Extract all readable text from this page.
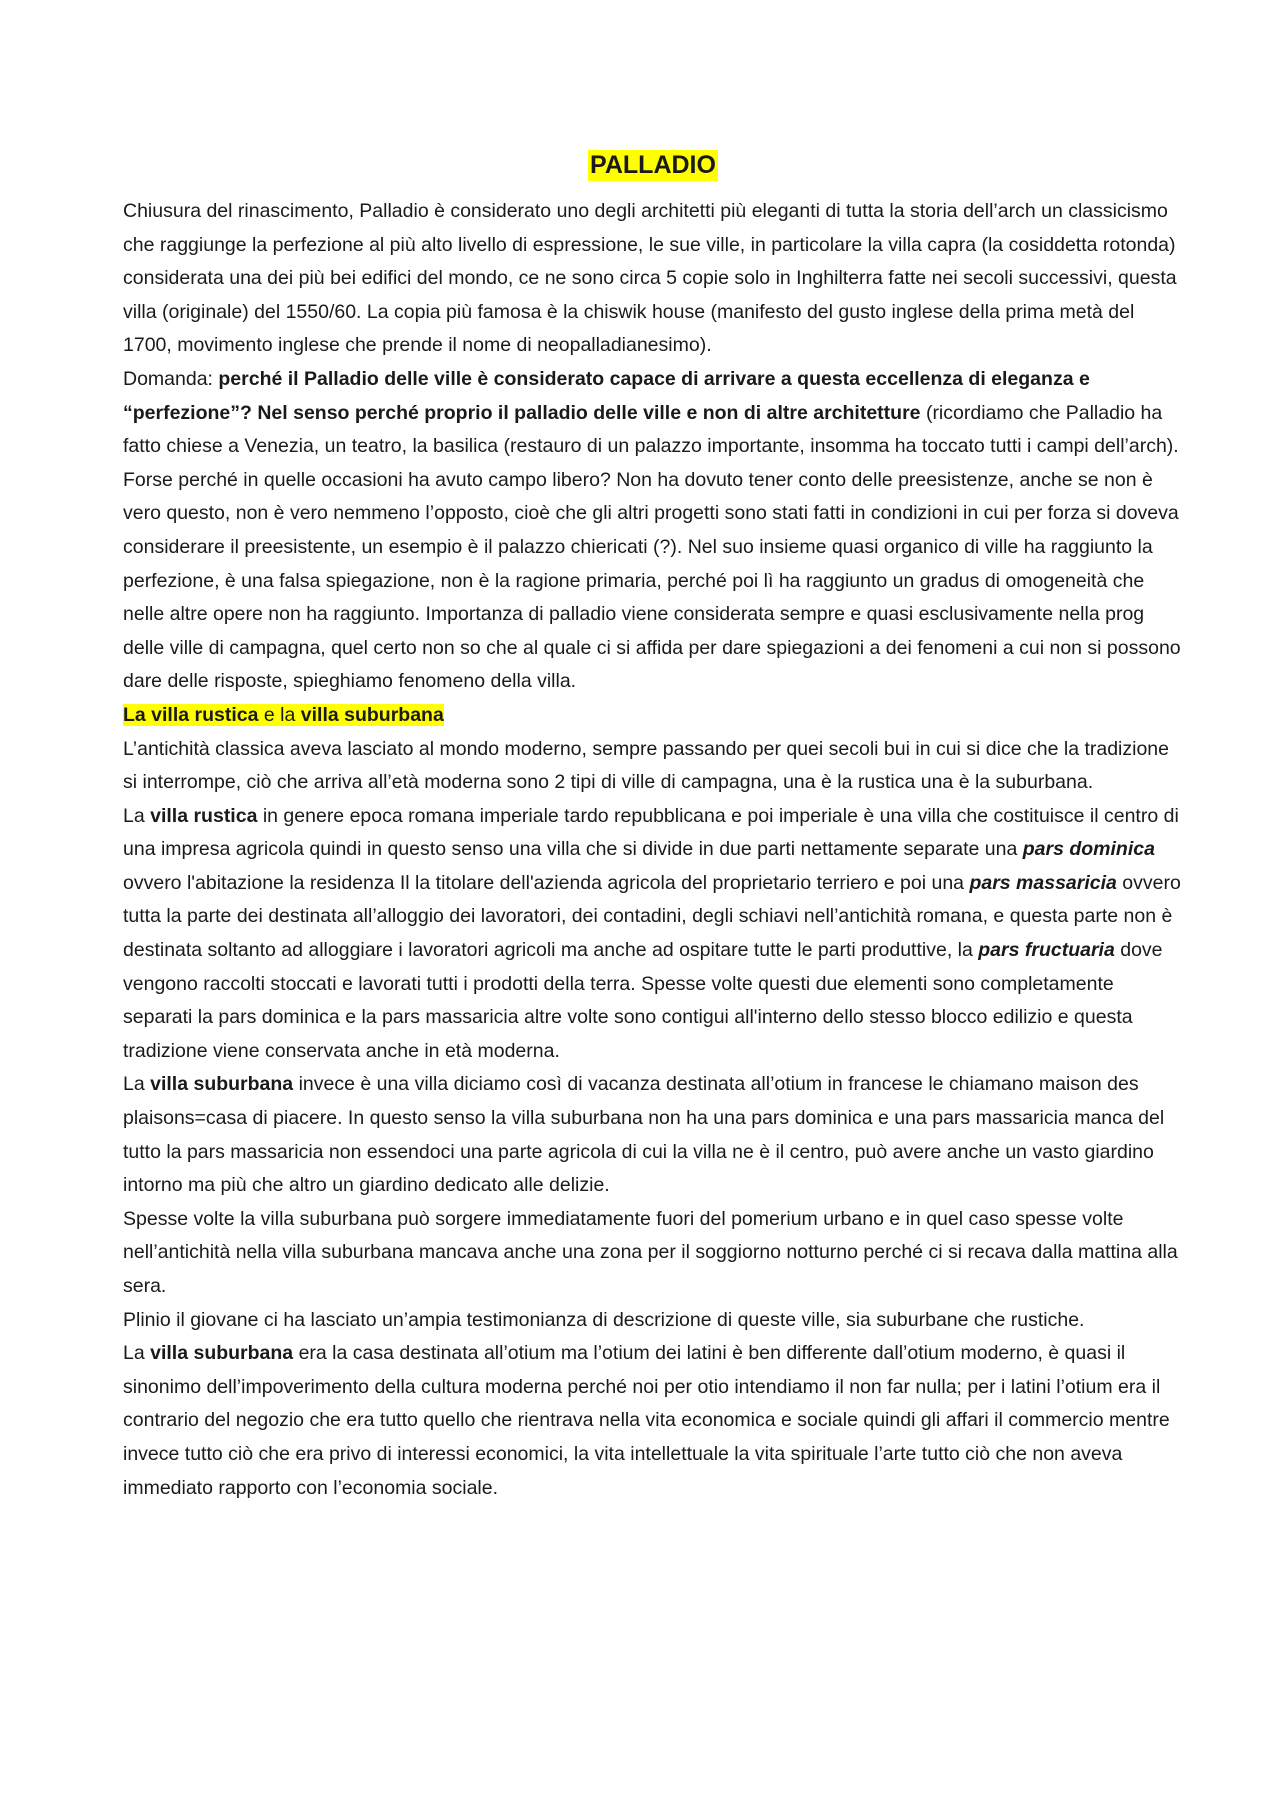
PALLADIO

Chiusura del rinascimento, Palladio è considerato uno degli architetti più eleganti di tutta la storia dell’arch un classicismo che raggiunge la perfezione al più alto livello di espressione, le sue ville, in particolare la villa capra (la cosiddetta rotonda) considerata una dei più bei edifici del mondo, ce ne sono circa 5 copie solo in Inghilterra fatte nei secoli successivi, questa villa (originale) del 1550/60. La copia più famosa è la chiswik house (manifesto del gusto inglese della prima metà del 1700, movimento inglese che prende il nome di neopalladianesimo).

Domanda: perché il Palladio delle ville è considerato capace di arrivare a questa eccellenza di eleganza e “perfezione”? Nel senso perché proprio il palladio delle ville e non di altre architetture (ricordiamo che Palladio ha fatto chiese a Venezia, un teatro, la basilica (restauro di un palazzo importante, insomma ha toccato tutti i campi dell’arch). Forse perché in quelle occasioni ha avuto campo libero? Non ha dovuto tener conto delle preesistenze, anche se non è vero questo, non è vero nemmeno l’opposto, cioè che gli altri progetti sono stati fatti in condizioni in cui per forza si doveva considerare il preesistente, un esempio è il palazzo chiericati (?). Nel suo insieme quasi organico di ville ha raggiunto la perfezione, è una falsa spiegazione, non è la ragione primaria, perché poi lì ha raggiunto un gradus di omogeneità che nelle altre opere non ha raggiunto. Importanza di palladio viene considerata sempre e quasi esclusivamente nella prog delle ville di campagna, quel certo non so che al quale ci si affida per dare spiegazioni a dei fenomeni a cui non si possono dare delle risposte, spieghiamo fenomeno della villa.

La villa rustica e la villa suburbana

L’antichità classica aveva lasciato al mondo moderno, sempre passando per quei secoli bui in cui si dice che la tradizione si interrompe, ciò che arriva all’età moderna sono 2 tipi di ville di campagna, una è la rustica una è la suburbana.

La villa rustica in genere epoca romana imperiale tardo repubblicana e poi imperiale è una villa che costituisce il centro di una impresa agricola quindi in questo senso una villa che si divide in due parti nettamente separate una pars dominica ovvero l'abitazione la residenza Il la titolare dell'azienda agricola del proprietario terriero e poi una pars massaricia ovvero tutta la parte dei destinata all’alloggio dei lavoratori, dei contadini, degli schiavi nell’antichità romana, e questa parte non è destinata soltanto ad alloggiare i lavoratori agricoli ma anche ad ospitare tutte le parti produttive, la pars fructuaria dove vengono raccolti stoccati e lavorati tutti i prodotti della terra. Spesse volte questi due elementi sono completamente separati la pars dominica e la pars massaricia altre volte sono contigui all'interno dello stesso blocco edilizio e questa tradizione viene conservata anche in età moderna.

La villa suburbana invece è una villa diciamo così di vacanza destinata all’otium in francese le chiamano maison des plaisons=casa di piacere. In questo senso la villa suburbana non ha una pars dominica e una pars massaricia manca del tutto la pars massaricia non essendoci una parte agricola di cui la villa ne è il centro, può avere anche un vasto giardino intorno ma più che altro un giardino dedicato alle delizie.

Spesse volte la villa suburbana può sorgere immediatamente fuori del pomerium urbano e in quel caso spesse volte nell’antichità nella villa suburbana mancava anche una zona per il soggiorno notturno perché ci si recava dalla mattina alla sera.

Plinio il giovane ci ha lasciato un’ampia testimonianza di descrizione di queste ville, sia suburbane che rustiche.

La villa suburbana era la casa destinata all’otium ma l’otium dei latini è ben differente dall’otium moderno, è quasi il sinonimo dell’impoverimento della cultura moderna perché noi per otio intendiamo il non far nulla; per i latini l’otium era il contrario del negozio che era tutto quello che rientrava nella vita economica e sociale quindi gli affari il commercio mentre invece tutto ciò che era privo di interessi economici, la vita intellettuale la vita spirituale l’arte tutto ciò che non aveva immediato rapporto con l’economia sociale.
